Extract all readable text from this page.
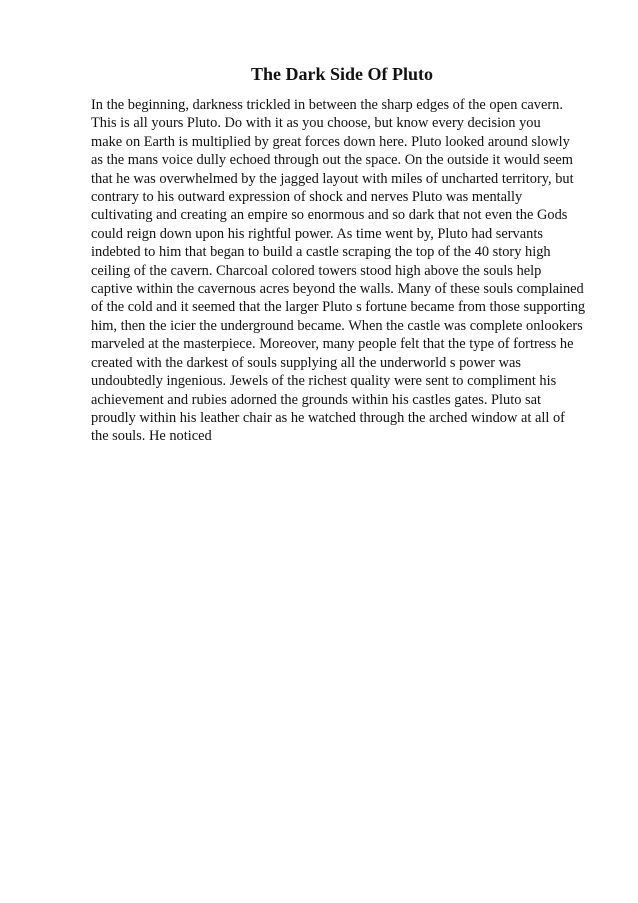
The Dark Side Of Pluto
In the beginning, darkness trickled in between the sharp edges of the open cavern.
This is all yours Pluto. Do with it as you choose, but know every decision you
make on Earth is multiplied by great forces down here. Pluto looked around slowly
as the mans voice dully echoed through out the space. On the outside it would seem
that he was overwhelmed by the jagged layout with miles of uncharted territory, but
contrary to his outward expression of shock and nerves Pluto was mentally
cultivating and creating an empire so enormous and so dark that not even the Gods
could reign down upon his rightful power. As time went by, Pluto had servants
indebted to him that began to build a castle scraping the top of the 40 story high
ceiling of the cavern. Charcoal colored towers stood high above the souls help
captive within the cavernous acres beyond the walls. Many of these souls complained
of the cold and it seemed that the larger Pluto s fortune became from those supporting
him, then the icier the underground became. When the castle was complete onlookers
marveled at the masterpiece. Moreover, many people felt that the type of fortress he
created with the darkest of souls supplying all the underworld s power was
undoubtedly ingenious. Jewels of the richest quality were sent to compliment his
achievement and rubies adorned the grounds within his castles gates. Pluto sat
proudly within his leather chair as he watched through the arched window at all of
the souls. He noticed
